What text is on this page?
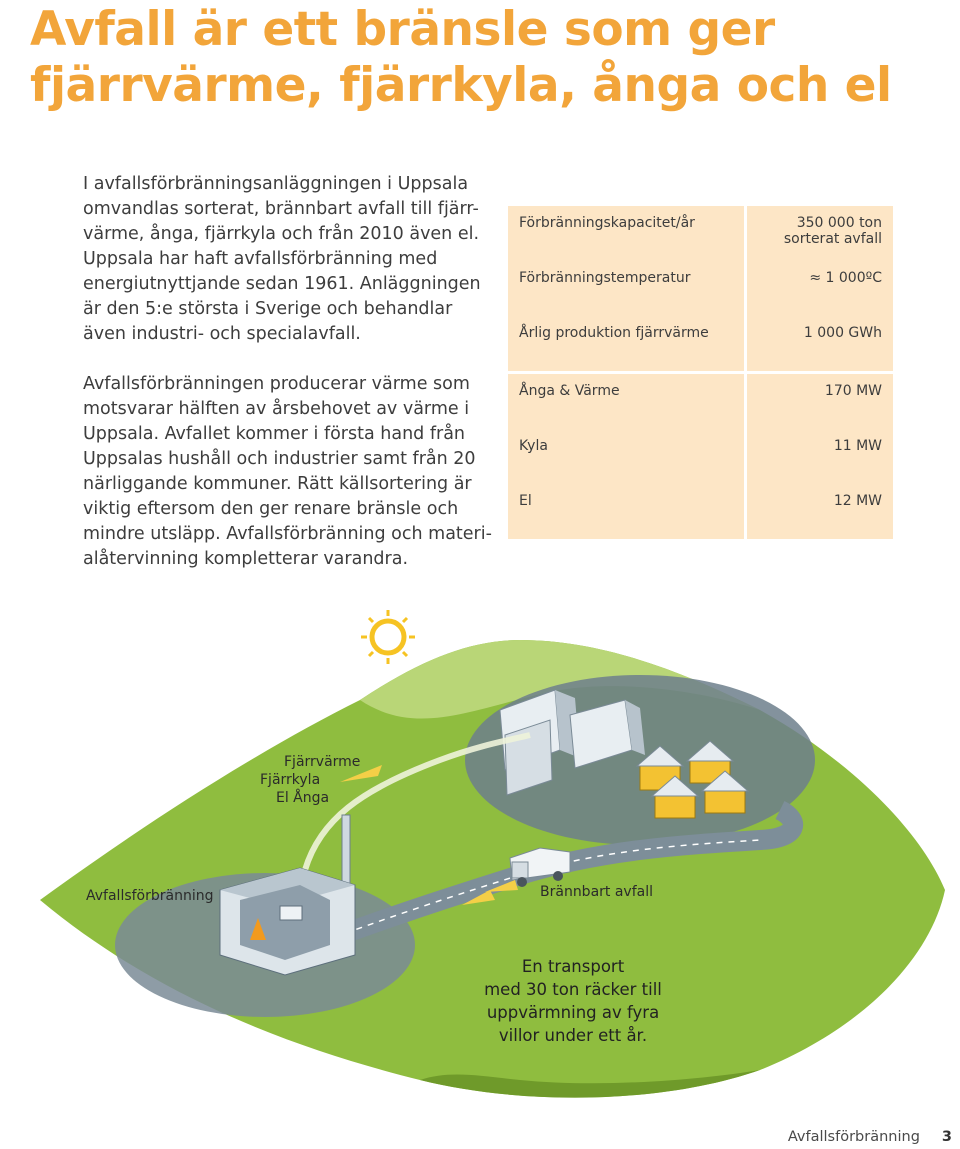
Avfall är ett bränsle som ger
fjärrvärme, fjärrkyla, ånga och el
I avfallsförbränningsanläggningen i Uppsala
omvandlas sorterat, brännbart avfall till fjärr-
värme, ånga, fjärrkyla och från 2010 även el.
Uppsala har haft avfallsförbränning med
energiutnyttjande sedan 1961. Anläggningen
är den 5:e största i Sverige och behandlar
även industri- och specialavfall.
Avfallsförbränningen producerar värme som
motsvarar hälften av årsbehovet av värme i
Uppsala. Avfallet kommer i första hand från
Uppsalas hushåll och industrier samt från 20
närliggande kommuner. Rätt källsortering är
viktig eftersom den ger renare bränsle och
mindre utsläpp. Avfallsförbränning och materi-
alåtervinning kompletterar varandra.
Förbränningskapacitet/år	350 000 ton
sorterat avfall

Förbränningstemperatur	≈ 1 000ºC
Årlig produktion fjärrvärme	1 000 GWh
Ånga & Värme	170 MW
Kyla	11 MW
El	12 MW
Fjärrvärme
Fjärrkyla
El Ånga
Avfallsförbränning	Brännbart avfall
En transport
med 30 ton räcker till
uppvärmning av fyra
villor under ett år.
Avfallsförbränning 3
